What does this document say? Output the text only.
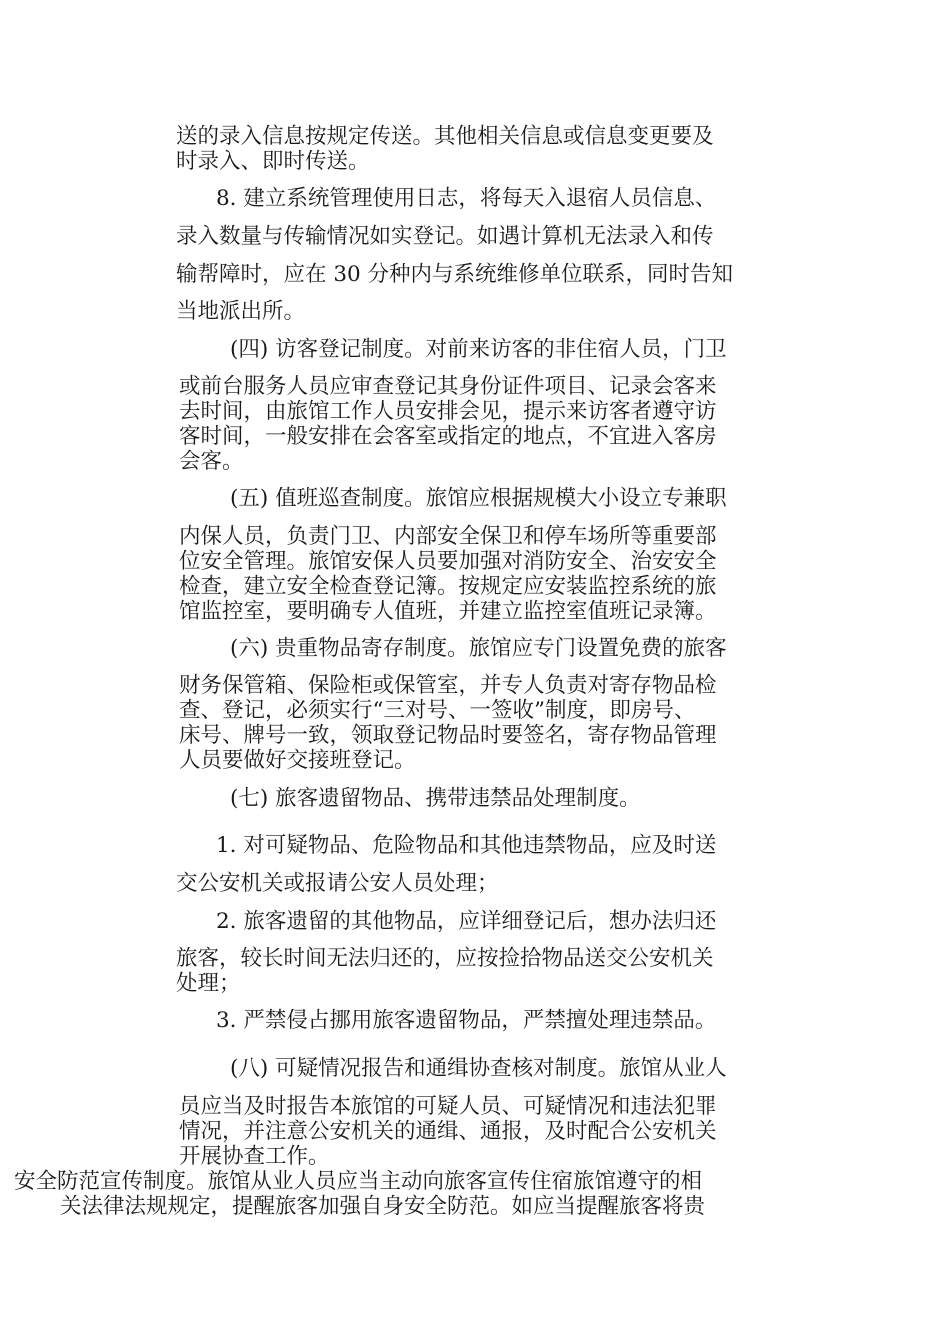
送的录入信息按规定传送。其他相关信息或信息变更要及
时录入、即时传送。
8. 建立系统管理使用日志，将每天入退宿人员信息、
录入数量与传输情况如实登记。如遇计算机无法录入和传
输帮障时，应在 30 分种内与系统维修单位联系，同时告知
当地派出所。
(四) 访客登记制度。对前来访客的非住宿人员，门卫
或前台服务人员应审查登记其身份证件项目、记录会客来
去时间，由旅馆工作人员安排会见，提示来访客者遵守访
客时间，一般安排在会客室或指定的地点，不宜进入客房
会客。
(五) 值班巡查制度。旅馆应根据规模大小设立专兼职
内保人员，负责门卫、内部安全保卫和停车场所等重要部
位安全管理。旅馆安保人员要加强对消防安全、治安安全
检查，建立安全检查登记簿。按规定应安装监控系统的旅
馆监控室，要明确专人值班，并建立监控室值班记录簿。
(六) 贵重物品寄存制度。旅馆应专门设置免费的旅客
财务保管箱、保险柜或保管室，并专人负责对寄存物品检
查、登记，必须实行“三对号、一签收”制度，即房号、
床号、牌号一致，领取登记物品时要签名，寄存物品管理
人员要做好交接班登记。
(七) 旅客遗留物品、携带违禁品处理制度。
1. 对可疑物品、危险物品和其他违禁物品，应及时送
交公安机关或报请公安人员处理；
2. 旅客遗留的其他物品，应详细登记后，想办法归还
旅客，较长时间无法归还的，应按捡拾物品送交公安机关
处理；
3. 严禁侵占挪用旅客遗留物品，严禁擅处理违禁品。
(八) 可疑情况报告和通缉协查核对制度。旅馆从业人
员应当及时报告本旅馆的可疑人员、可疑情况和违法犯罪
情况，并注意公安机关的通缉、通报，及时配合公安机关
开展协查工作。
安全防范宣传制度。旅馆从业人员应当主动向旅客宣传住宿旅馆遵守的相
关法律法规规定，提醒旅客加强自身安全防范。如应当提醒旅客将贵
